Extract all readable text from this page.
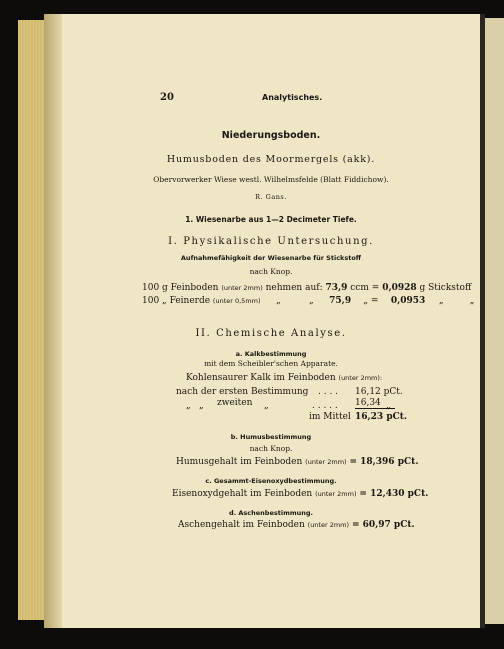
20	Analytisches.
Niederungsboden.
Humusboden des Moormergels (akk).
Obervorwerker Wiese westl. Wilhelmsfelde (Blatt Fiddichow).
R. Gans.
1. Wiesenarbe aus 1—2 Decimeter Tiefe.
I. Physikalische Untersuchung.
Aufnahmefähigkeit der Wiesenarbe für Stickstoff
nach Knop.
100 g Feinboden (unter 2mm) nehmen auf: 73,9 ccm = 0,0928 g Stickstoff
100 „ Feinerde (unter 0,5mm) „	„ 75,9 „ = 0,0953 „	„
II. Chemische Analyse.
a. Kalkbestimmung
mit dem Scheibler'schen Apparate.
Kohlensaurer Kalk im Feinboden (unter 2mm):
nach der ersten Bestimmung . . . . 16,12 pCt.
„ „ zweiten „	. . . . . 16,34 „
im Mittel 16,23 pCt.
b. Humusbestimmung
nach Knop.
Humusgehalt im Feinboden (unter 2mm) = 18,396 pCt.
c. Gesammt-Eisenoxydbestimmung.
Eisenoxydgehalt im Feinboden (unter 2mm) = 12,430 pCt.
d. Aschenbestimmung.
Aschengehalt im Feinboden (unter 2mm) = 60,97 pCt.
